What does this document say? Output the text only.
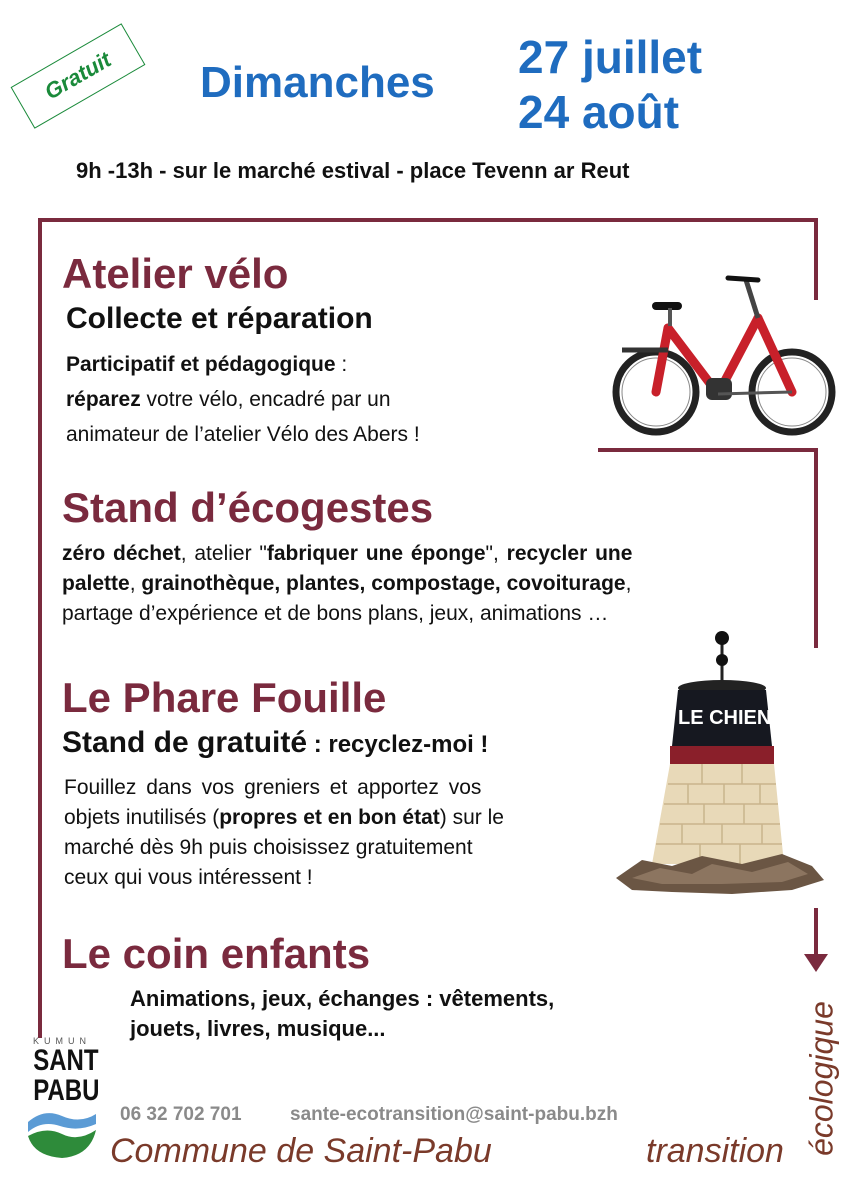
Gratuit Dimanches 27 juillet
24 août
9h -13h - sur le marché estival - place Tevenn ar Reut
Atelier vélo
Collecte et réparation
Participatif et pédagogique :
réparez votre vélo, encadré par un
animateur de l’atelier Vélo des Abers !
Stand d’écogestes
zéro déchet, atelier "fabriquer une éponge", recycler une
palette, grainothèque, plantes, compostage, covoiturage,
partage d’expérience et de bons plans, jeux, animations …
Le Phare Fouille
Stand de gratuité : recyclez-moi !
Fouillez dans vos greniers et apportez vos
objets inutilisés (propres et en bon état) sur le
marché dès 9h puis choisissez gratuitement
ceux qui vous intéressent !
LE CHIEN
Le coin enfants
Animations, jeux, échanges : vêtements,
jouets, livres, musique...
KUMUN
SANT
PABU
06 32 702 701	sante-ecotransition@saint-pabu.bzh
Commune de Saint-Pabu	transition écologique
